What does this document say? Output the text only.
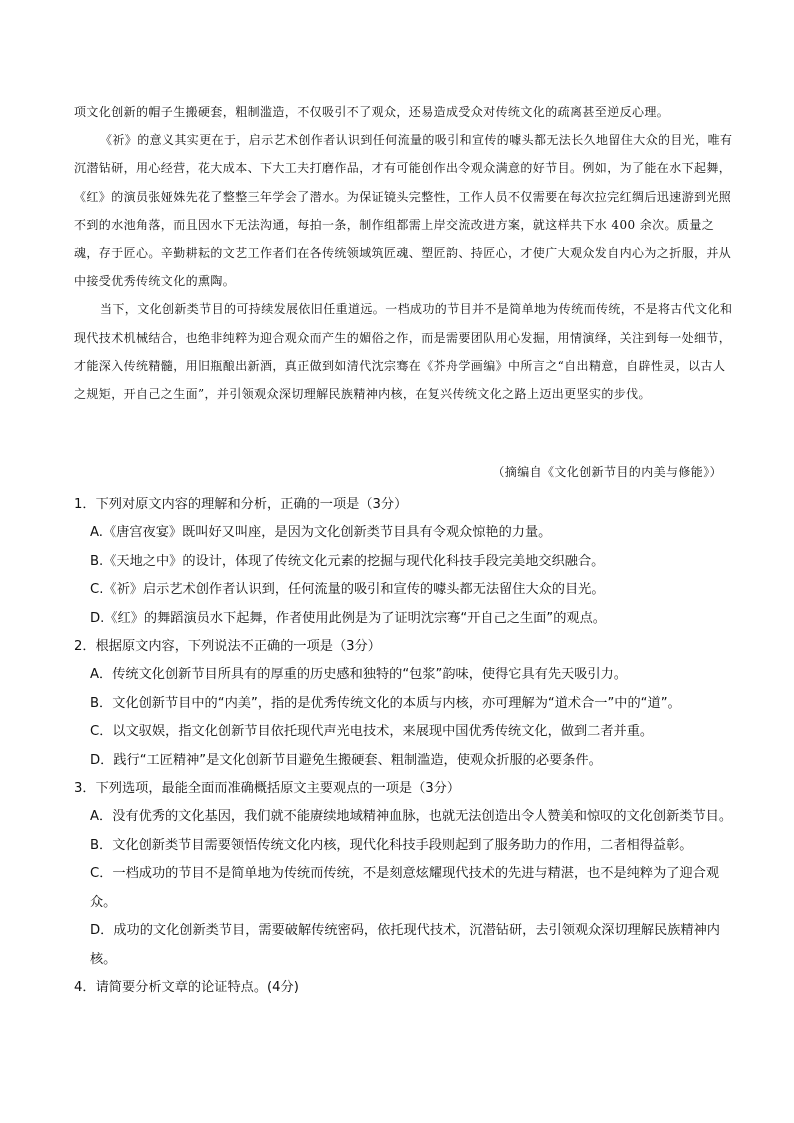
项文化创新的帽子生搬硬套，粗制滥造，不仅吸引不了观众，还易造成受众对传统文化的疏离甚至逆反心理。

《祈》的意义其实更在于，启示艺术创作者认识到任何流量的吸引和宣传的噱头都无法长久地留住大众的目光，唯有沉潜钻研，用心经营，花大成本、下大工夫打磨作品，才有可能创作出令观众满意的好节目。例如，为了能在水下起舞，《红》的演员张娅姝先花了整整三年学会了潜水。为保证镜头完整性，工作人员不仅需要在每次拉完红绸后迅速游到光照不到的水池角落，而且因水下无法沟通，每拍一条，制作组都需上岸交流改进方案，就这样共下水 400 余次。质量之魂，存于匠心。辛勤耕耘的文艺工作者们在各传统领域筑匠魂、塑匠韵、持匠心，才使广大观众发自内心为之折服，并从中接受优秀传统文化的熏陶。

当下，文化创新类节目的可持续发展依旧任重道远。一档成功的节目并不是简单地为传统而传统，不是将古代文化和现代技术机械结合，也绝非纯粹为迎合观众而产生的媚俗之作，而是需要团队用心发掘，用情演绎，关注到每一处细节，才能深入传统精髓，用旧瓶酿出新酒，真正做到如清代沈宗骞在《芥舟学画编》中所言之“自出精意，自辟性灵，以古人之规矩，开自己之生面”，并引领观众深切理解民族精神内核，在复兴传统文化之路上迈出更坚实的步伐。

（摘编自《文化创新节目的内美与修能》）

1．下列对原文内容的理解和分析，正确的一项是（3分）

A.《唐宫夜宴》既叫好又叫座，是因为文化创新类节目具有令观众惊艳的力量。

B.《天地之中》的设计，体现了传统文化元素的挖掘与现代化科技手段完美地交织融合。

C.《祈》启示艺术创作者认识到，任何流量的吸引和宣传的噱头都无法留住大众的目光。

D.《红》的舞蹈演员水下起舞，作者使用此例是为了证明沈宗骞“开自己之生面”的观点。

2．根据原文内容，下列说法不正确的一项是（3分）

A．传统文化创新节目所具有的厚重的历史感和独特的“包浆”韵味，使得它具有先天吸引力。

B．文化创新节目中的“内美”，指的是优秀传统文化的本质与内核，亦可理解为“道术合一”中的“道”。

C．以文驭娱，指文化创新节目依托现代声光电技术，来展现中国优秀传统文化，做到二者并重。

D．践行“工匠精神”是文化创新节目避免生搬硬套、粗制滥造，使观众折服的必要条件。

3．下列选项，最能全面而准确概括原文主要观点的一项是（3分）

A．没有优秀的文化基因，我们就不能赓续地域精神血脉，也就无法创造出令人赞美和惊叹的文化创新类节目。

B．文化创新类节目需要领悟传统文化内核，现代化科技手段则起到了服务助力的作用，二者相得益彰。

C．一档成功的节目不是简单地为传统而传统，不是刻意炫耀现代技术的先进与精湛，也不是纯粹为了迎合观众。

D．成功的文化创新类节目，需要破解传统密码，依托现代技术，沉潜钻研，去引领观众深切理解民族精神内核。

4．请简要分析文章的论证特点。(4分)
